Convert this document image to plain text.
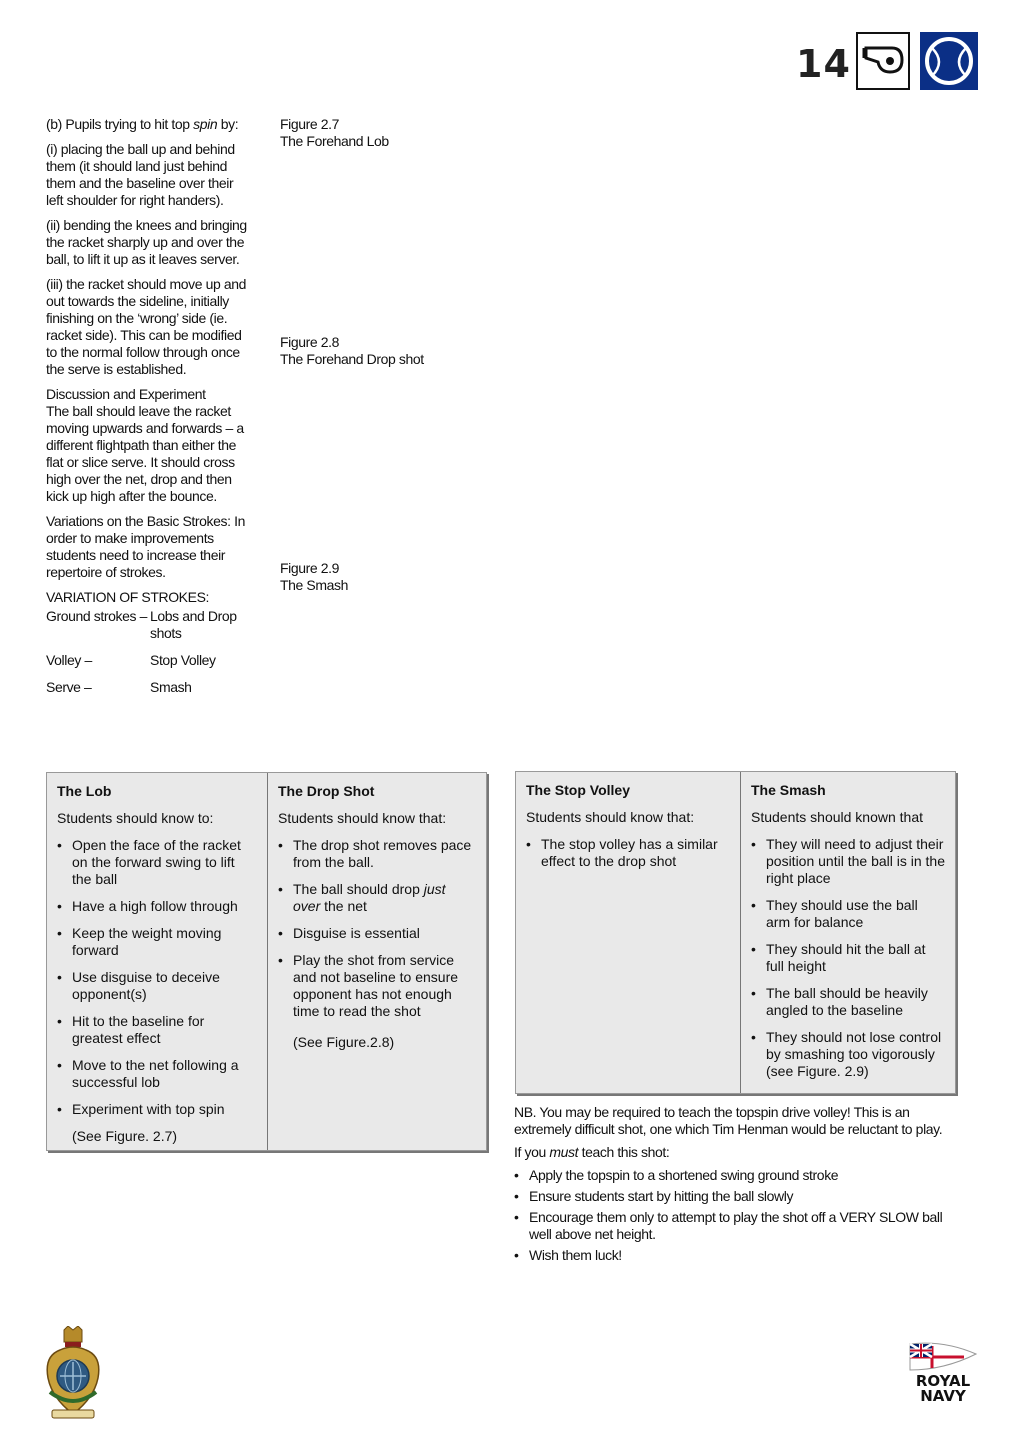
14

(b) Pupils trying to hit top spin by:

(i) placing the ball up and behind them (it should land just behind them and the baseline over their left shoulder for right handers).

(ii) bending the knees and bringing the racket sharply up and over the ball, to lift it up as it leaves server.

(iii) the racket should move up and out towards the sideline, initially finishing on the ‘wrong’ side (ie. racket side). This can be modified to the normal follow through once the serve is established.

Discussion and Experiment
The ball should leave the racket moving upwards and forwards – a different flightpath than either the flat or slice serve. It should cross high over the net, drop and then kick up high after the bounce.

Variations on the Basic Strokes: In order to make improvements students need to increase their repertoire of strokes.

VARIATION OF STROKES:
Ground strokes – Lobs and Drop shots
Volley –	Stop Volley
Serve –	Smash
Figure 2.7
The Forehand Lob
Figure 2.8
The Forehand Drop shot
Figure 2.9
The Smash
The Lob
Students should know to:
• Open the face of the racket on the forward swing to lift the ball
• Have a high follow through
• Keep the weight moving forward
• Use disguise to deceive opponent(s)
• Hit to the baseline for greatest effect
• Move to the net following a successful lob
• Experiment with top spin
(See Figure. 2.7)
The Drop Shot
Students should know that:
• The drop shot removes pace from the ball.
• The ball should drop just over the net
• Disguise is essential
• Play the shot from service and not baseline to ensure opponent has not enough time to read the shot
(See Figure.2.8)
The Stop Volley
Students should know that:
• The stop volley has a similar effect to the drop shot
The Smash
Students should known that
• They will need to adjust their position until the ball is in the right place
• They should use the ball arm for balance
• They should hit the ball at full height
• The ball should be heavily angled to the baseline
• They should not lose control by smashing too vigorously (see Figure. 2.9)

NB. You may be required to teach the topspin drive volley! This is an extremely difficult shot, one which Tim Henman would be reluctant to play.

If you must teach this shot:

• Apply the topspin to a shortened swing ground stroke
• Ensure students start by hitting the ball slowly
• Encourage them only to attempt to play the shot off a VERY SLOW ball well above net height.
• Wish them luck!
ROYAL
NAVY
